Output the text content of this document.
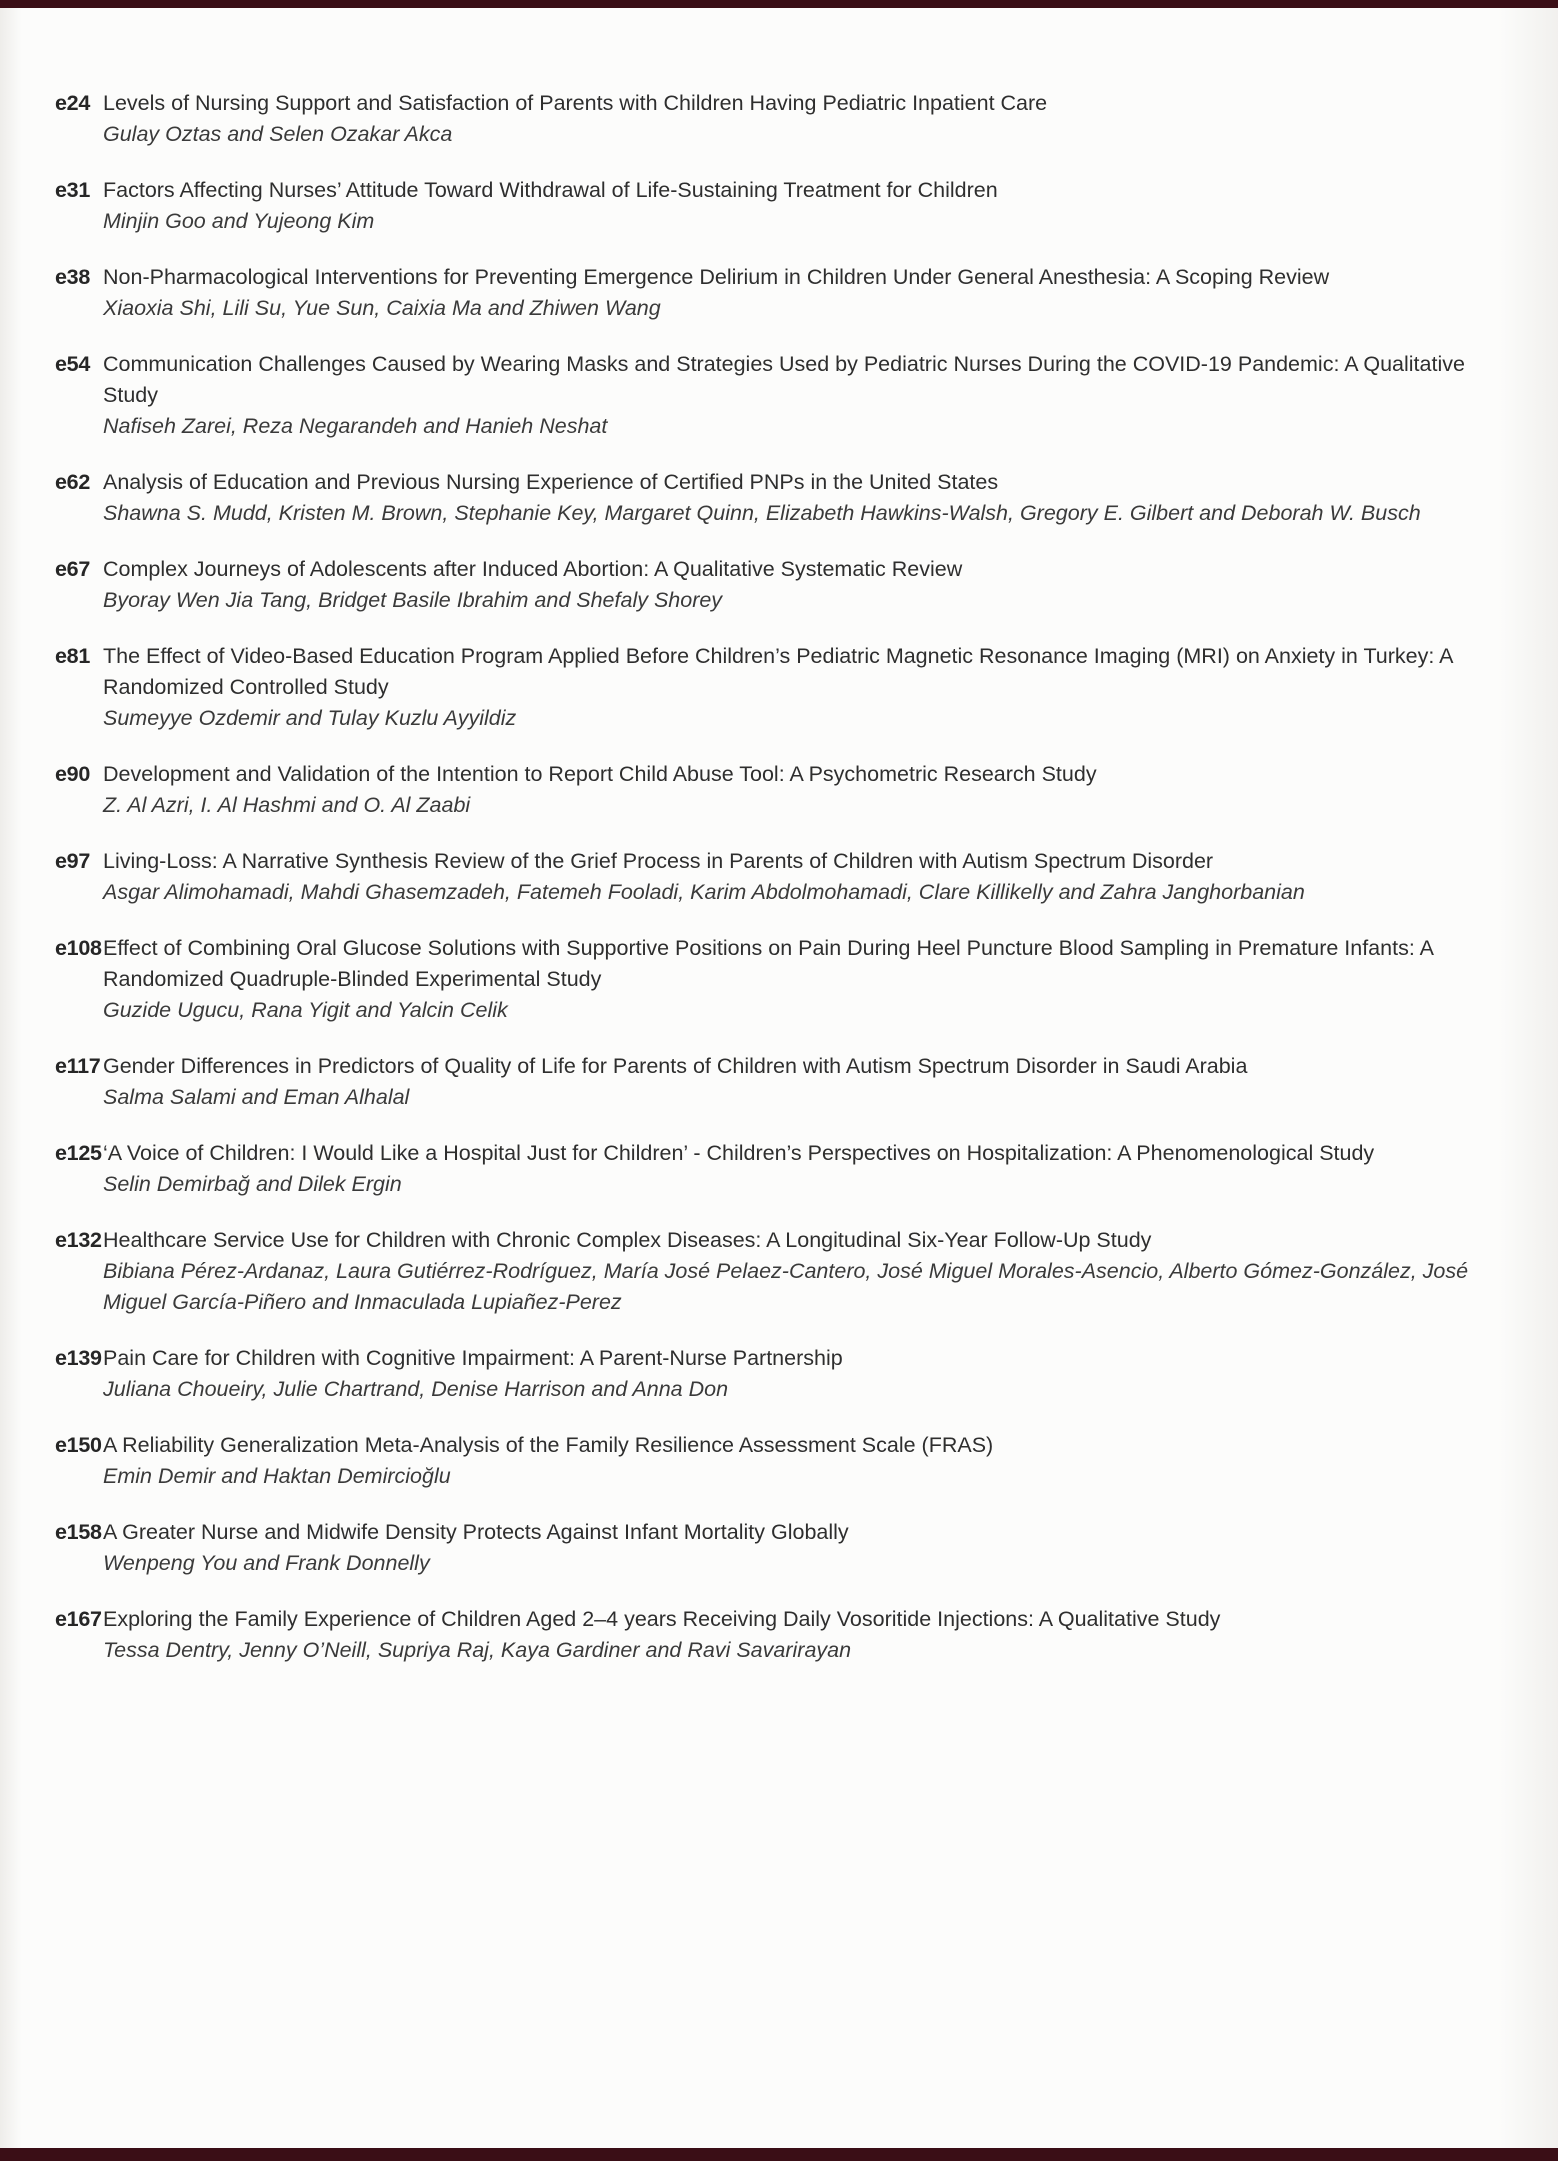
e24 Levels of Nursing Support and Satisfaction of Parents with Children Having Pediatric Inpatient Care
Gulay Oztas and Selen Ozakar Akca
e31 Factors Affecting Nurses’ Attitude Toward Withdrawal of Life-Sustaining Treatment for Children
Minjin Goo and Yujeong Kim
e38 Non-Pharmacological Interventions for Preventing Emergence Delirium in Children Under General Anesthesia: A Scoping Review
Xiaoxia Shi, Lili Su, Yue Sun, Caixia Ma and Zhiwen Wang
e54 Communication Challenges Caused by Wearing Masks and Strategies Used by Pediatric Nurses During the COVID-19 Pandemic: A Qualitative Study
Nafiseh Zarei, Reza Negarandeh and Hanieh Neshat
e62 Analysis of Education and Previous Nursing Experience of Certified PNPs in the United States
Shawna S. Mudd, Kristen M. Brown, Stephanie Key, Margaret Quinn, Elizabeth Hawkins-Walsh, Gregory E. Gilbert and Deborah W. Busch
e67 Complex Journeys of Adolescents after Induced Abortion: A Qualitative Systematic Review
Byoray Wen Jia Tang, Bridget Basile Ibrahim and Shefaly Shorey
e81 The Effect of Video-Based Education Program Applied Before Children’s Pediatric Magnetic Resonance Imaging (MRI) on Anxiety in Turkey: A Randomized Controlled Study
Sumeyye Ozdemir and Tulay Kuzlu Ayyildiz
e90 Development and Validation of the Intention to Report Child Abuse Tool: A Psychometric Research Study
Z. Al Azri, I. Al Hashmi and O. Al Zaabi
e97 Living-Loss: A Narrative Synthesis Review of the Grief Process in Parents of Children with Autism Spectrum Disorder
Asgar Alimohamadi, Mahdi Ghasemzadeh, Fatemeh Fooladi, Karim Abdolmohamadi, Clare Killikelly and Zahra Janghorbanian
e108 Effect of Combining Oral Glucose Solutions with Supportive Positions on Pain During Heel Puncture Blood Sampling in Premature Infants: A Randomized Quadruple-Blinded Experimental Study
Guzide Ugucu, Rana Yigit and Yalcin Celik
e117 Gender Differences in Predictors of Quality of Life for Parents of Children with Autism Spectrum Disorder in Saudi Arabia
Salma Salami and Eman Alhalal
e125 ‘A Voice of Children: I Would Like a Hospital Just for Children’ - Children’s Perspectives on Hospitalization: A Phenomenological Study
Selin Demirbağ and Dilek Ergin
e132 Healthcare Service Use for Children with Chronic Complex Diseases: A Longitudinal Six-Year Follow-Up Study
Bibiana Pérez-Ardanaz, Laura Gutiérrez-Rodríguez, María José Pelaez-Cantero, José Miguel Morales-Asencio, Alberto Gómez-González, José Miguel García-Piñero and Inmaculada Lupiañez-Perez
e139 Pain Care for Children with Cognitive Impairment: A Parent-Nurse Partnership
Juliana Choueiry, Julie Chartrand, Denise Harrison and Anna Don
e150 A Reliability Generalization Meta-Analysis of the Family Resilience Assessment Scale (FRAS)
Emin Demir and Haktan Demircioğlu
e158 A Greater Nurse and Midwife Density Protects Against Infant Mortality Globally
Wenpeng You and Frank Donnelly
e167 Exploring the Family Experience of Children Aged 2–4 years Receiving Daily Vosoritide Injections: A Qualitative Study
Tessa Dentry, Jenny O’Neill, Supriya Raj, Kaya Gardiner and Ravi Savarirayan
